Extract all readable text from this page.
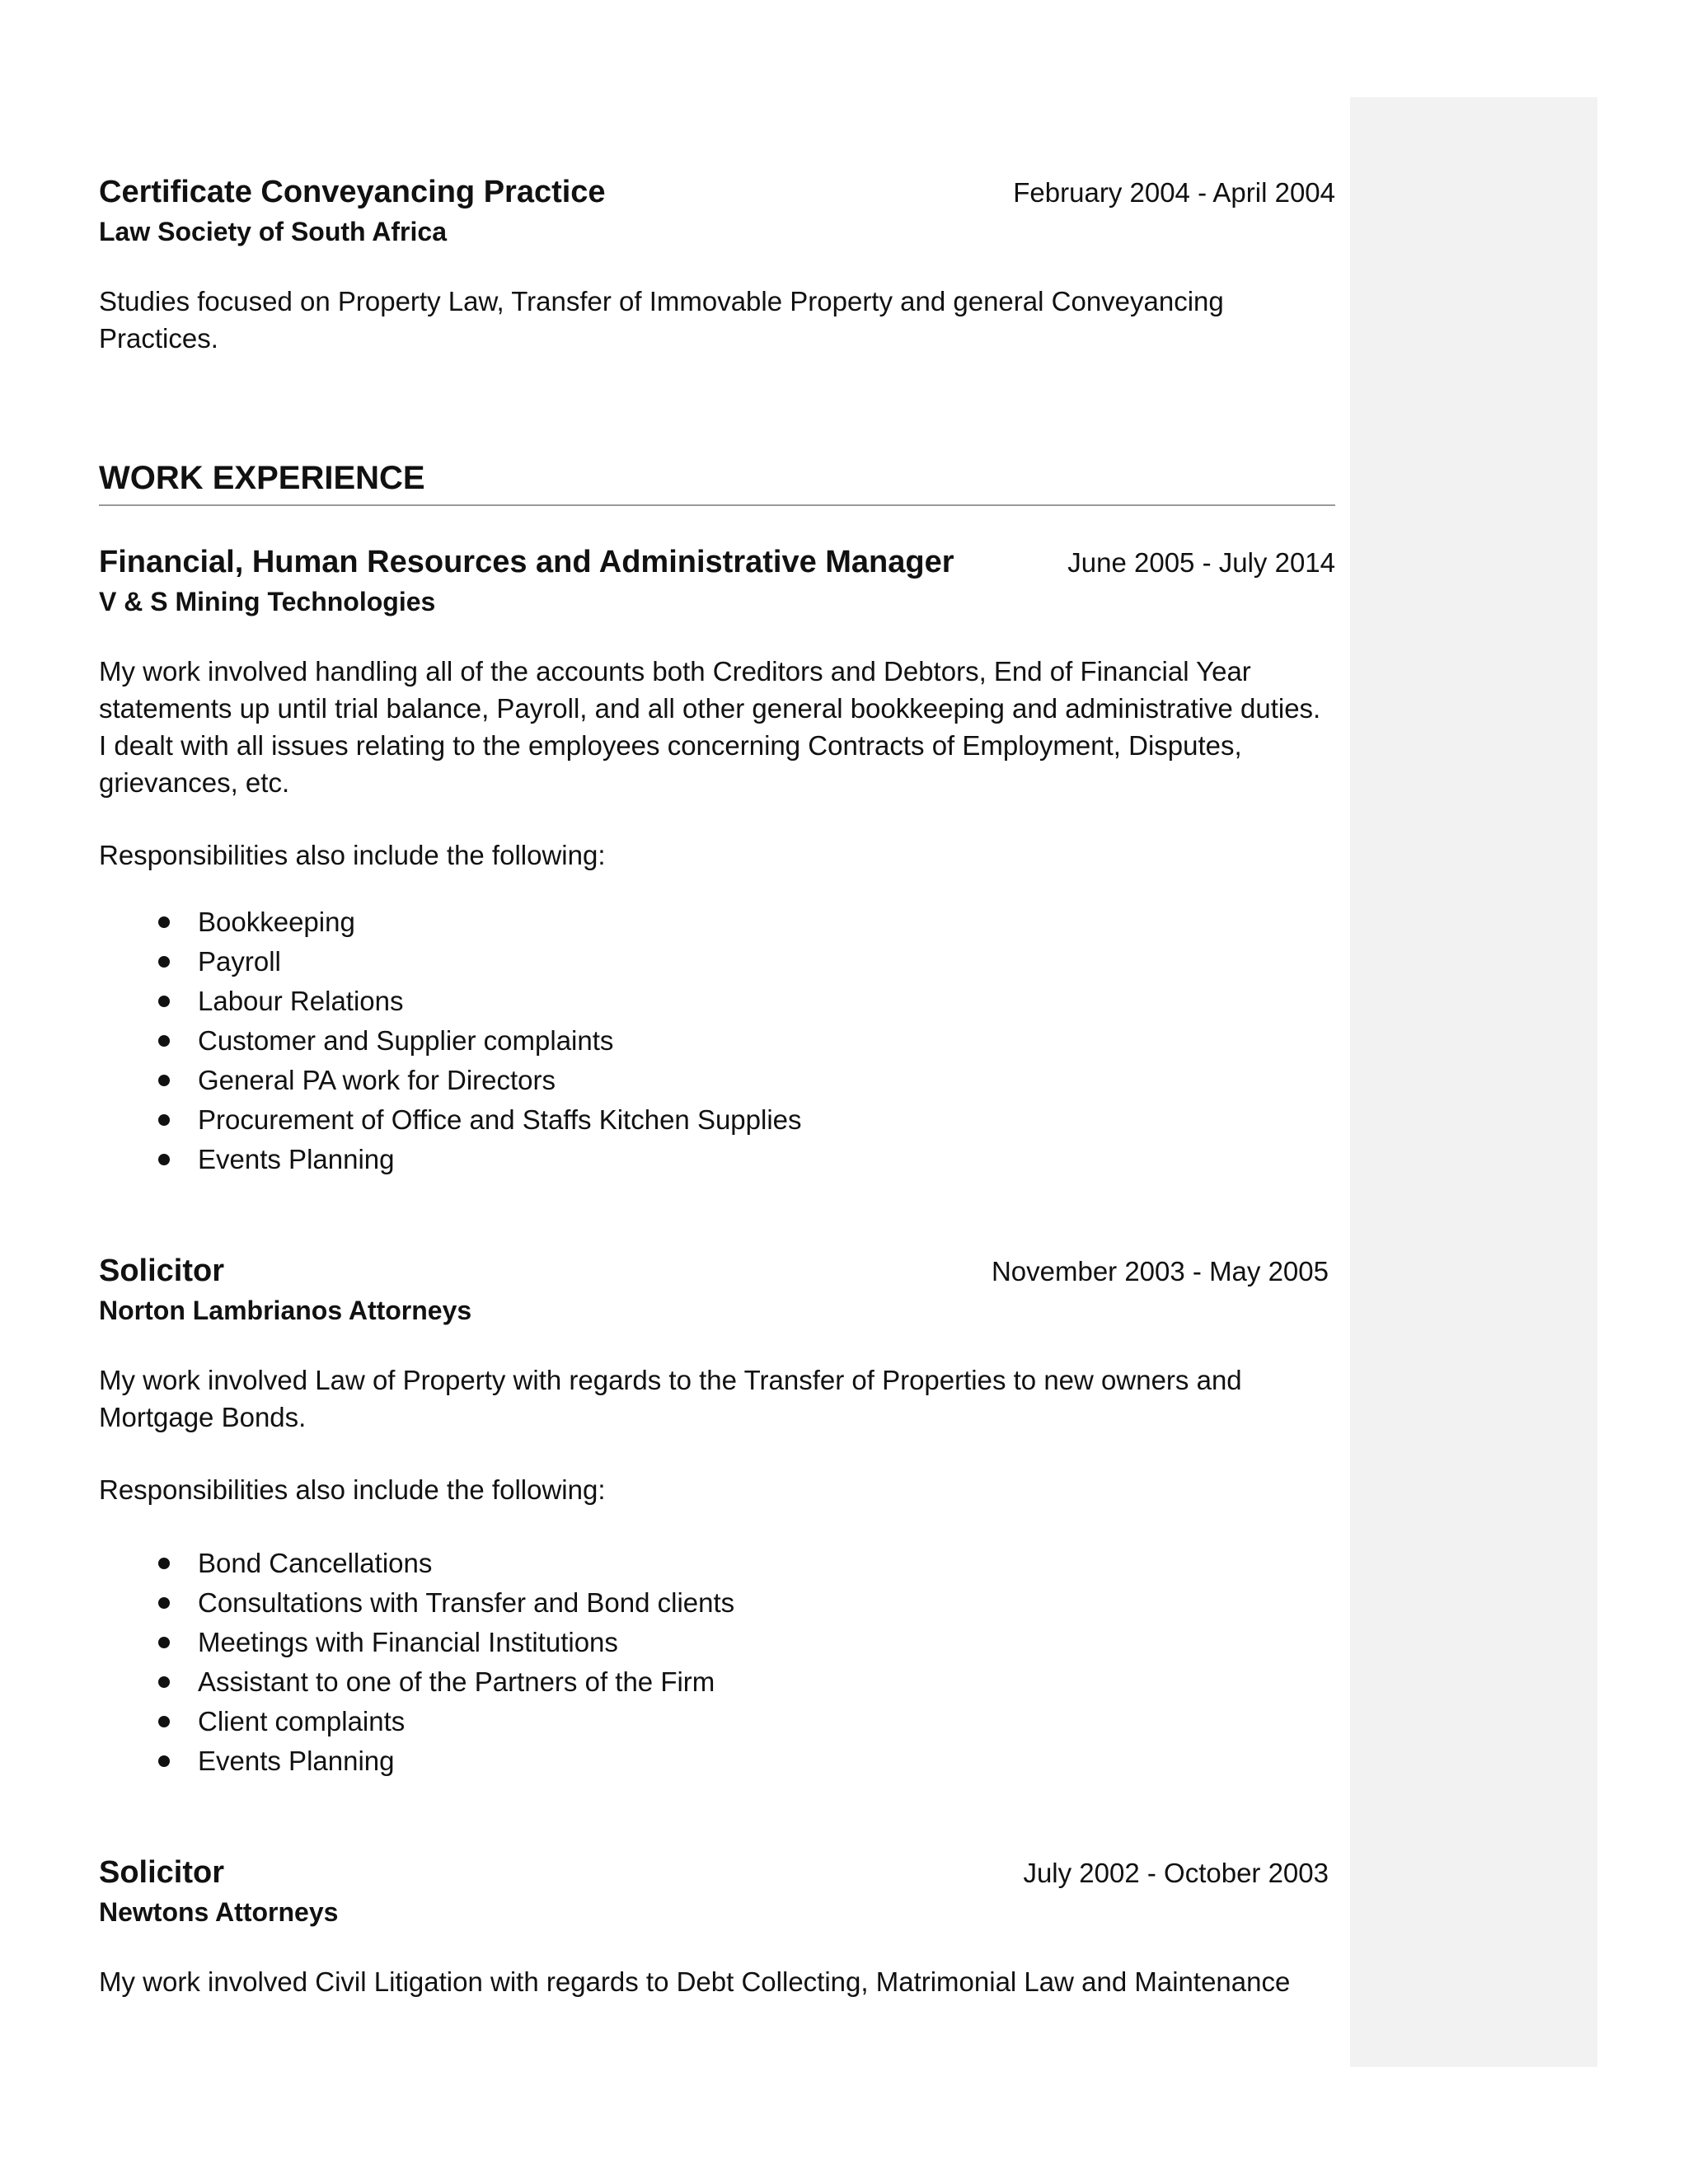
Certificate Conveyancing Practice	February 2004 - April 2004
Law Society of South Africa

Studies focused on Property Law, Transfer of Immovable Property and general Conveyancing Practices.

WORK EXPERIENCE
Financial, Human Resources and Administrative Manager	June 2005 - July 2014
V & S Mining Technologies

My work involved handling all of the accounts both Creditors and Debtors, End of Financial Year statements up until trial balance, Payroll, and all other general bookkeeping and administrative duties. I dealt with all issues relating to the employees concerning Contracts of Employment, Disputes, grievances, etc.

Responsibilities also include the following:

Bookkeeping
Payroll
Labour Relations
Customer and Supplier complaints
General PA work for Directors
Procurement of Office and Staffs Kitchen Supplies
Events Planning
Solicitor	November 2003 - May 2005
Norton Lambrianos Attorneys

My work involved Law of Property with regards to the Transfer of Properties to new owners and Mortgage Bonds.

Responsibilities also include the following:

Bond Cancellations
Consultations with Transfer and Bond clients
Meetings with Financial Institutions
Assistant to one of the Partners of the Firm
Client complaints
Events Planning
Solicitor	July 2002 - October 2003
Newtons Attorneys

My work involved Civil Litigation with regards to Debt Collecting, Matrimonial Law and Maintenance
